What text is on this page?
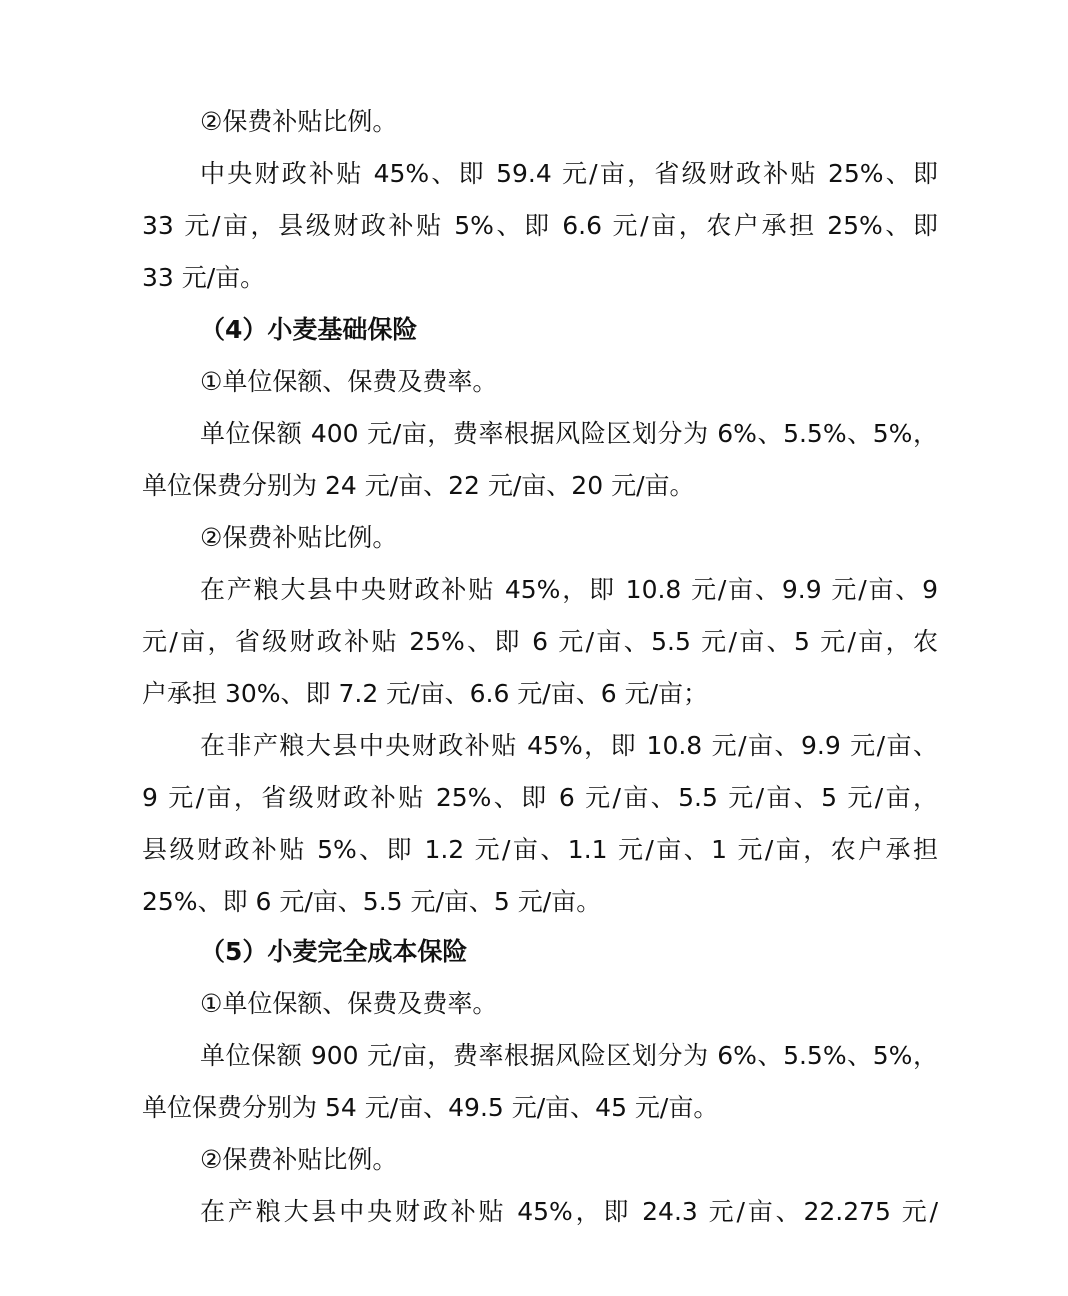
②保费补贴比例。
中央财政补贴 45%、即 59.4 元/亩，省级财政补贴 25%、即
33 元/亩，县级财政补贴 5%、即 6.6 元/亩，农户承担 25%、即
33 元/亩。
（4）小麦基础保险
①单位保额、保费及费率。
单位保额 400 元/亩，费率根据风险区划分为 6%、5.5%、5%，
单位保费分别为 24 元/亩、22 元/亩、20 元/亩。
②保费补贴比例。
在产粮大县中央财政补贴 45%，即 10.8 元/亩、9.9 元/亩、9
元/亩，省级财政补贴 25%、即 6 元/亩、5.5 元/亩、5 元/亩，农
户承担 30%、即 7.2 元/亩、6.6 元/亩、6 元/亩；
在非产粮大县中央财政补贴 45%，即 10.8 元/亩、9.9 元/亩、
9 元/亩，省级财政补贴 25%、即 6 元/亩、5.5 元/亩、5 元/亩，
县级财政补贴 5%、即 1.2 元/亩、1.1 元/亩、1 元/亩，农户承担
25%、即 6 元/亩、5.5 元/亩、5 元/亩。
（5）小麦完全成本保险
①单位保额、保费及费率。
单位保额 900 元/亩，费率根据风险区划分为 6%、5.5%、5%，
单位保费分别为 54 元/亩、49.5 元/亩、45 元/亩。
②保费补贴比例。
在产粮大县中央财政补贴 45%，即 24.3 元/亩、22.275 元/
